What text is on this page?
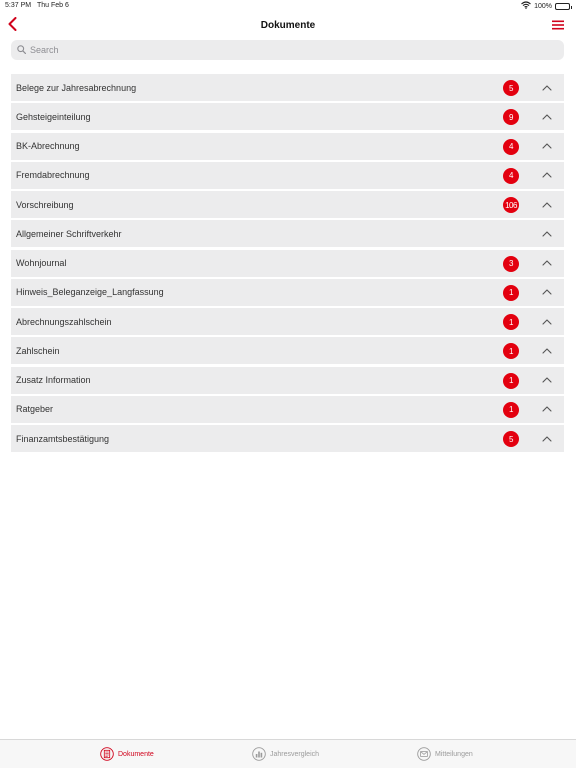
5:37 PM Thu Feb 6	100%
Dokumente
Search
Belege zur Jahresabrechnung	5
Gehsteigeinteilung	9
BK-Abrechnung	4
Fremdabrechnung	4
Vorschreibung	106
Allgemeiner Schriftverkehr
Wohnjournal	3
Hinweis_Beleganzeige_Langfassung	1
Abrechnungszahlschein	1
Zahlschein	1
Zusatz Information	1
Ratgeber	1
Finanzamtsbestätigung	5
Dokumente	Jahresvergleich	Mitteilungen
